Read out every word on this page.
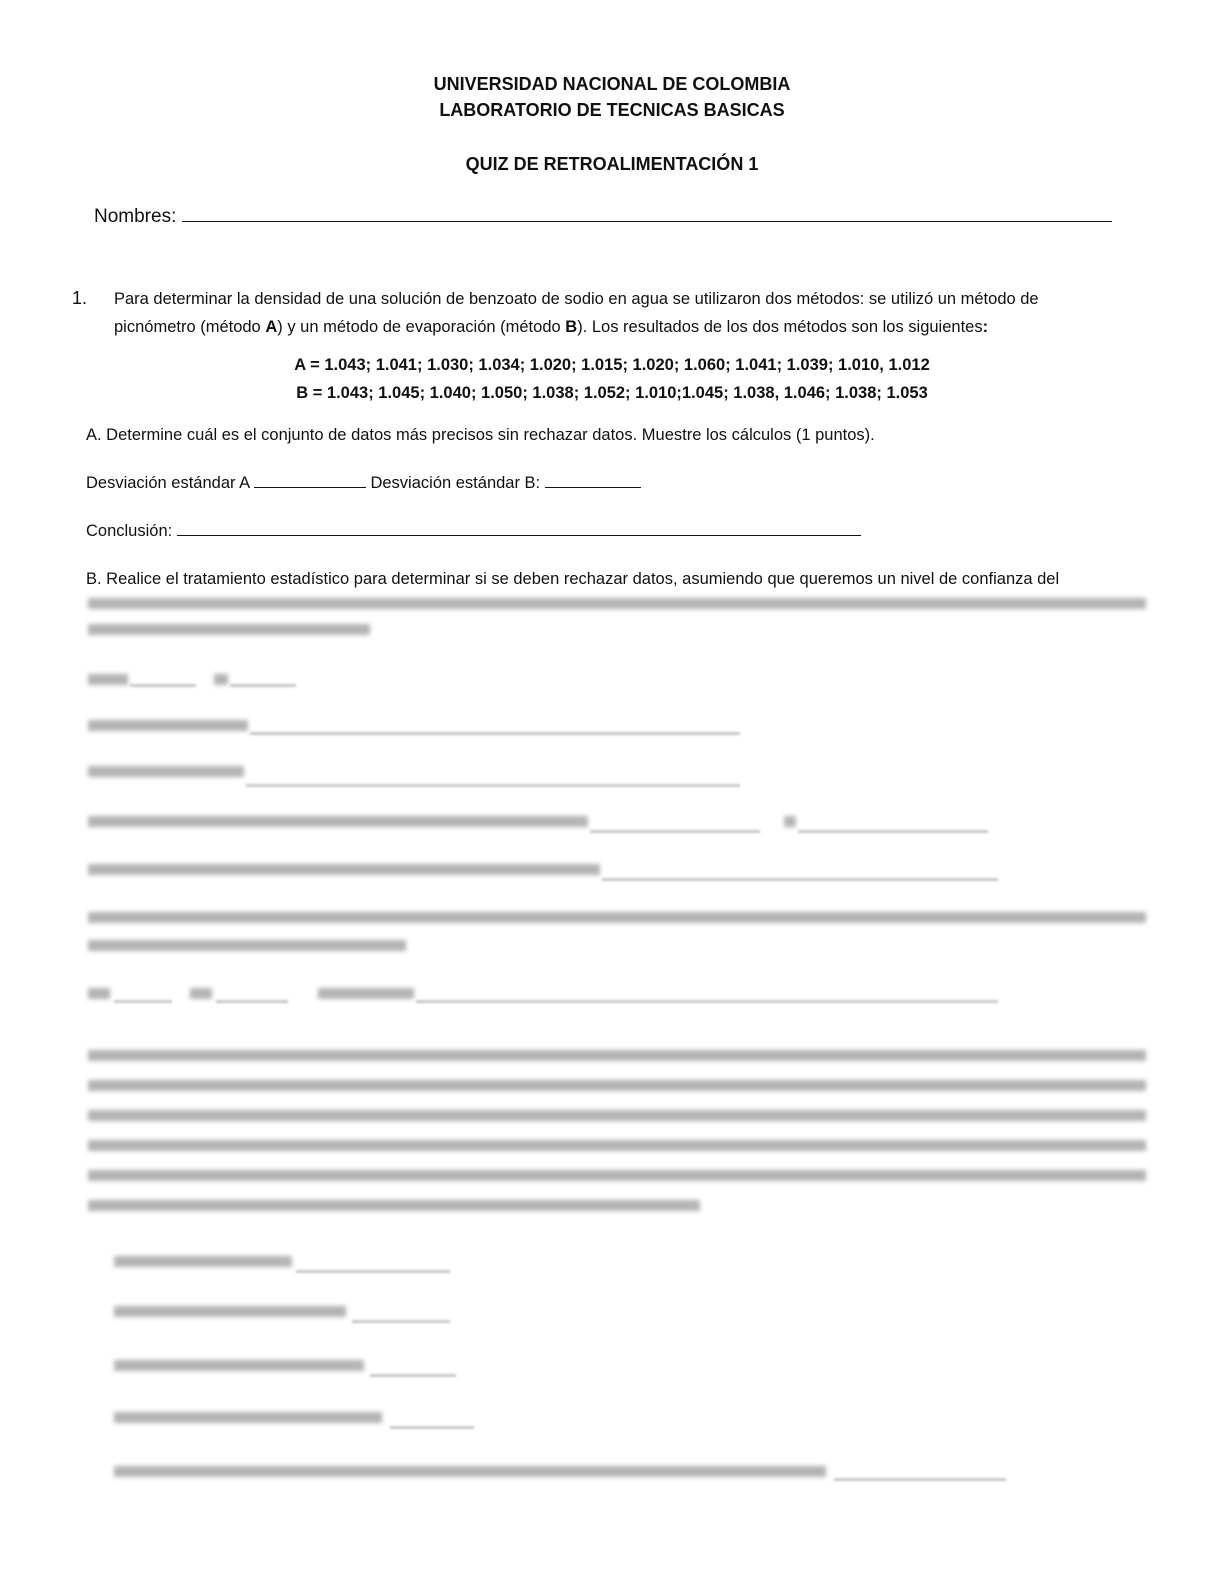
UNIVERSIDAD NACIONAL DE COLOMBIA
LABORATORIO DE TECNICAS BASICAS
QUIZ DE RETROALIMENTACIÓN 1
Nombres:
1. Para determinar la densidad de una solución de benzoato de sodio en agua se utilizaron dos métodos: se utilizó un método de
picnómetro (método A) y un método de evaporación (método B). Los resultados de los dos métodos son los siguientes:
A = 1.043; 1.041; 1.030; 1.034; 1.020; 1.015; 1.020; 1.060; 1.041; 1.039; 1.010, 1.012
B = 1.043; 1.045; 1.040; 1.050; 1.038; 1.052; 1.010;1.045; 1.038, 1.046; 1.038; 1.053
A. Determine cuál es el conjunto de datos más precisos sin rechazar datos. Muestre los cálculos (1 puntos).
Desviación estándar A	Desviación estándar B:
Conclusión:
B. Realice el tratamiento estadístico para determinar si se deben rechazar datos, asumiendo que queremos un nivel de confianza del
